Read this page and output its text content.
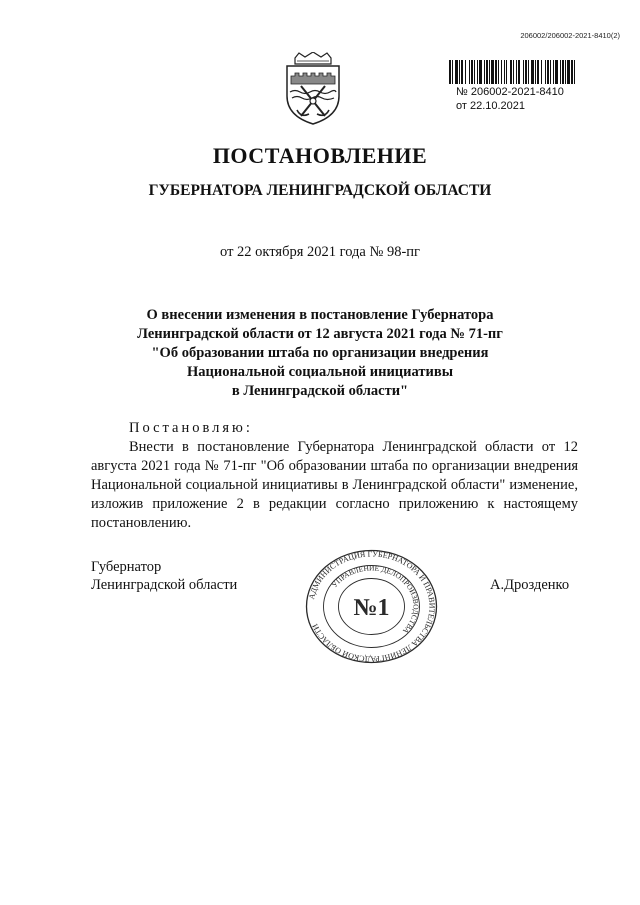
206002/206002-2021-8410(2)
№ 206002-2021-8410
от 22.10.2021
ПОСТАНОВЛЕНИЕ
ГУБЕРНАТОРА ЛЕНИНГРАДСКОЙ ОБЛАСТИ
от 22 октября 2021 года № 98-пг
О внесении изменения в постановление Губернатора
Ленинградской области от 12 августа 2021 года № 71-пг
"Об образовании штаба по организации внедрения
Национальной социальной инициативы
в Ленинградской области"
Постановляю:
Внести в постановление Губернатора Ленинградской области от 12 августа 2021 года № 71-пг "Об образовании штаба по организации внедрения Национальной социальной инициативы в Ленинградской области" изменение, изложив приложение 2 в редакции согласно приложению к настоящему постановлению.
Губернатор
Ленинградской области	А.Дрозденко
АДМИНИСТРАЦИЯ ГУБЕРНАТОРА И ПРАВИТЕЛЬСТВА ЛЕНИНГРАДСКОЙ ОБЛАСТИ
УПРАВЛЕНИЕ ДЕЛОПРОИЗВОДСТВА
№1
